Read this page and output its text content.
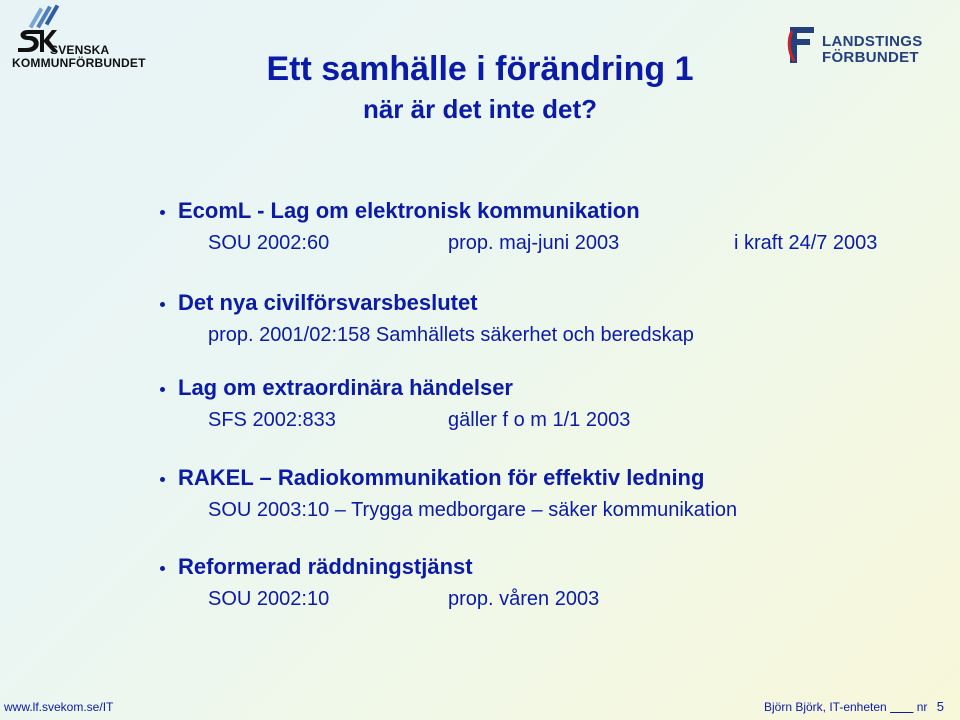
SVENSKA
KOMMUNFÖRBUNDET
LANDSTINGS
FÖRBUNDET
Ett samhälle i förändring 1
när är det inte det?
EcomL - Lag om elektronisk kommunikation
SOU 2002:60	prop. maj-juni 2003	i kraft 24/7 2003
Det nya civilförsvarsbeslutet
prop. 2001/02:158 Samhällets säkerhet och beredskap
Lag om extraordinära händelser
SFS 2002:833	gäller f o m 1/1 2003
RAKEL – Radiokommunikation för effektiv ledning
SOU 2003:10 – Trygga medborgare – säker kommunikation
Reformerad räddningstjänst
SOU 2002:10	prop. våren 2003
www.lf.svekom.se/IT	Björn Björk, IT-enheten	nr 5
